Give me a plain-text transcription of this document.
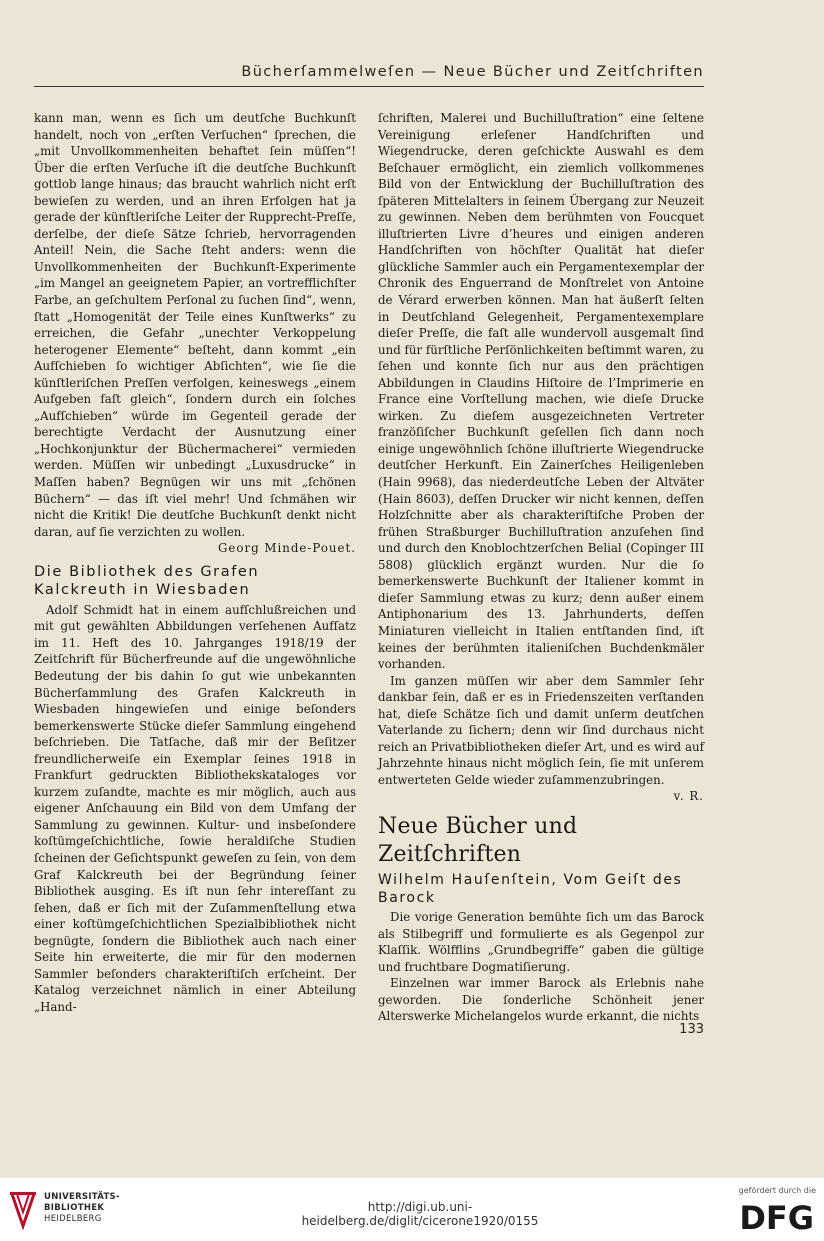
Bücherſammelweſen — Neue Bücher und Zeitſchriften

kann man, wenn es ſich um deutſche Buchkunſt handelt, noch von „erſten Verſuchen“ ſprechen, die „mit Unvollkommenheiten behaftet ſein müſſen“! Über die erſten Verſuche iſt die deutſche Buchkunſt gottlob lange hinaus; das braucht wahrlich nicht erſt bewieſen zu werden, und an ihren Erfolgen hat ja gerade der künſtleriſche Leiter der Rupprecht-Preſſe, derſelbe, der dieſe Sätze ſchrieb, hervorragenden Anteil! Nein, die Sache ſteht anders: wenn die Unvollkommenheiten der Buchkunſt-Experimente „im Mangel an geeignetem Papier, an vortrefflichſter Farbe, an geſchultem Perſonal zu ſuchen ſind“, wenn, ſtatt „Homogenität der Teile eines Kunſtwerks“ zu erreichen, die Gefahr „unechter Verkoppelung heterogener Elemente“ beſteht, dann kommt „ein Aufſchieben ſo wichtiger Abſichten“, wie ſie die künſtleriſchen Preſſen verfolgen, keineswegs „einem Aufgeben faſt gleich“, ſondern durch ein ſolches „Aufſchieben“ würde im Gegenteil gerade der berechtigte Verdacht der Ausnutzung einer „Hochkonjunktur der Büchermacherei“ vermieden werden. Müſſen wir unbedingt „Luxusdrucke“ in Maſſen haben? Begnügen wir uns mit „ſchönen Büchern“ — das iſt viel mehr! Und ſchmähen wir nicht die Kritik! Die deutſche Buchkunſt denkt nicht daran, auf ſie verzichten zu wollen.

Georg Minde-Pouet.

Die Bibliothek des Grafen Kalckreuth in Wiesbaden

Adolf Schmidt hat in einem aufſchlußreichen und mit gut gewählten Abbildungen verſehenen Aufſatz im 11. Heft des 10. Jahrganges 1918/19 der Zeitſchrift für Bücherfreunde auf die ungewöhnliche Bedeutung der bis dahin ſo gut wie unbekannten Bücherſammlung des Grafen Kalckreuth in Wiesbaden hingewieſen und einige beſonders bemerkenswerte Stücke dieſer Sammlung eingehend beſchrieben. Die Tatſache, daß mir der Beſitzer freundlicherweiſe ein Exemplar ſeines 1918 in Frankfurt gedruckten Bibliothekskataloges vor kurzem zuſandte, machte es mir möglich, auch aus eigener Anſchauung ein Bild von dem Umfang der Sammlung zu gewinnen. Kultur- und insbeſondere koſtümgeſchichtliche, ſowie heraldiſche Studien ſcheinen der Geſichtspunkt geweſen zu ſein, von dem Graf Kalckreuth bei der Begründung ſeiner Bibliothek ausging. Es iſt nun ſehr intereſſant zu ſehen, daß er ſich mit der Zuſammenſtellung etwa einer koſtümgeſchichtlichen Spezialbibliothek nicht begnügte, ſondern die Bibliothek auch nach einer Seite hin erweiterte, die mir für den modernen Sammler beſonders charakteriſtiſch erſcheint. Der Katalog verzeichnet nämlich in einer Abteilung „Hand-

ſchriften, Malerei und Buchilluſtration“ eine ſeltene Vereinigung erleſener Handſchriften und Wiegendrucke, deren geſchickte Auswahl es dem Beſchauer ermöglicht, ein ziemlich vollkommenes Bild von der Entwicklung der Buchilluſtration des ſpäteren Mittelalters in ſeinem Übergang zur Neuzeit zu gewinnen. Neben dem berühmten von Foucquet illuſtrierten Livre d’heures und einigen anderen Handſchriften von höchſter Qualität hat dieſer glückliche Sammler auch ein Pergamentexemplar der Chronik des Enguerrand de Monſtrelet von Antoine de Vérard erwerben können. Man hat äußerſt ſelten in Deutſchland Gelegenheit, Pergamentexemplare dieſer Preſſe, die faſt alle wundervoll ausgemalt ſind und für fürſtliche Perſönlichkeiten beſtimmt waren, zu ſehen und konnte ſich nur aus den prächtigen Abbildungen in Claudins Hiſtoire de l’Imprimerie en France eine Vorſtellung machen, wie dieſe Drucke wirken. Zu dieſem ausgezeichneten Vertreter franzöſiſcher Buchkunſt geſellen ſich dann noch einige ungewöhnlich ſchöne illuſtrierte Wiegendrucke deutſcher Herkunft. Ein Zainerſches Heiligenleben (Hain 9968), das niederdeutſche Leben der Altväter (Hain 8603), deſſen Drucker wir nicht kennen, deſſen Holzſchnitte aber als charakteriſtiſche Proben der frühen Straßburger Buchilluſtration anzuſehen ſind und durch den Knoblochtzerſchen Belial (Copinger III 5808) glücklich ergänzt wurden. Nur die ſo bemerkenswerte Buchkunſt der Italiener kommt in dieſer Sammlung etwas zu kurz; denn außer einem Antiphonarium des 13. Jahrhunderts, deſſen Miniaturen vielleicht in Italien entſtanden ſind, iſt keines der berühmten italieniſchen Buchdenkmäler vorhanden.

Im ganzen müſſen wir aber dem Sammler ſehr dankbar ſein, daß er es in Friedenszeiten verſtanden hat, dieſe Schätze ſich und damit unſerm deutſchen Vaterlande zu ſichern; denn wir ſind durchaus nicht reich an Privatbibliotheken dieſer Art, und es wird auf Jahrzehnte hinaus nicht möglich ſein, ſie mit unſerem entwerteten Gelde wieder zuſammenzubringen.

v. R.

Neue Bücher und Zeitſchriften
Wilhelm Hauſenſtein, Vom Geiſt des Barock

Die vorige Generation bemühte ſich um das Barock als Stilbegriff und formulierte es als Gegenpol zur Klaſſik. Wölfflins „Grundbegriffe“ gaben die gültige und fruchtbare Dogmatiſierung.

Einzelnen war immer Barock als Erlebnis nahe geworden. Die ſonderliche Schönheit jener Alterswerke Michelangelos wurde erkannt, die nichts

133
UNIVERSITÄTS-
BIBLIOTHEK
HEIDELBERG
http://digi.ub.uni-heidelberg.de/diglit/cicerone1920/0155
gefördert durch die
DFG
